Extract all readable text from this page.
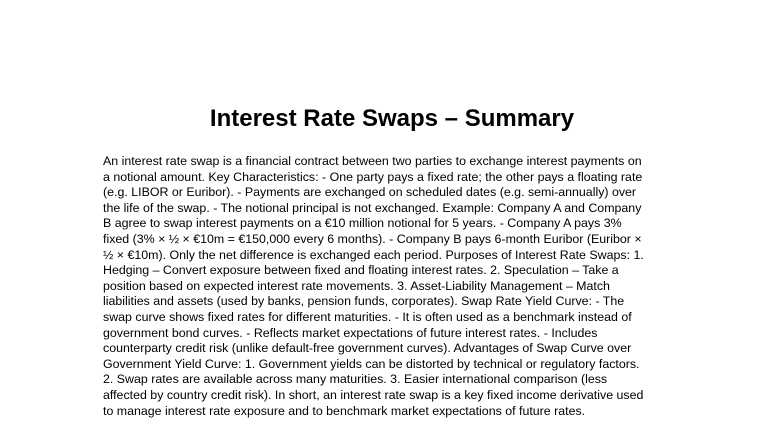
Interest Rate Swaps – Summary
An interest rate swap is a financial contract between two parties to exchange interest payments on
a notional amount. Key Characteristics: - One party pays a fixed rate; the other pays a floating rate
(e.g. LIBOR or Euribor). - Payments are exchanged on scheduled dates (e.g. semi-annually) over
the life of the swap. - The notional principal is not exchanged. Example: Company A and Company
B agree to swap interest payments on a €10 million notional for 5 years. - Company A pays 3%
fixed (3% × ½ × €10m = €150,000 every 6 months). - Company B pays 6-month Euribor (Euribor ×
½ × €10m). Only the net difference is exchanged each period. Purposes of Interest Rate Swaps: 1.
Hedging – Convert exposure between fixed and floating interest rates. 2. Speculation – Take a
position based on expected interest rate movements. 3. Asset-Liability Management – Match
liabilities and assets (used by banks, pension funds, corporates). Swap Rate Yield Curve: - The
swap curve shows fixed rates for different maturities. - It is often used as a benchmark instead of
government bond curves. - Reflects market expectations of future interest rates. - Includes
counterparty credit risk (unlike default-free government curves). Advantages of Swap Curve over
Government Yield Curve: 1. Government yields can be distorted by technical or regulatory factors.
2. Swap rates are available across many maturities. 3. Easier international comparison (less
affected by country credit risk). In short, an interest rate swap is a key fixed income derivative used
to manage interest rate exposure and to benchmark market expectations of future rates.
